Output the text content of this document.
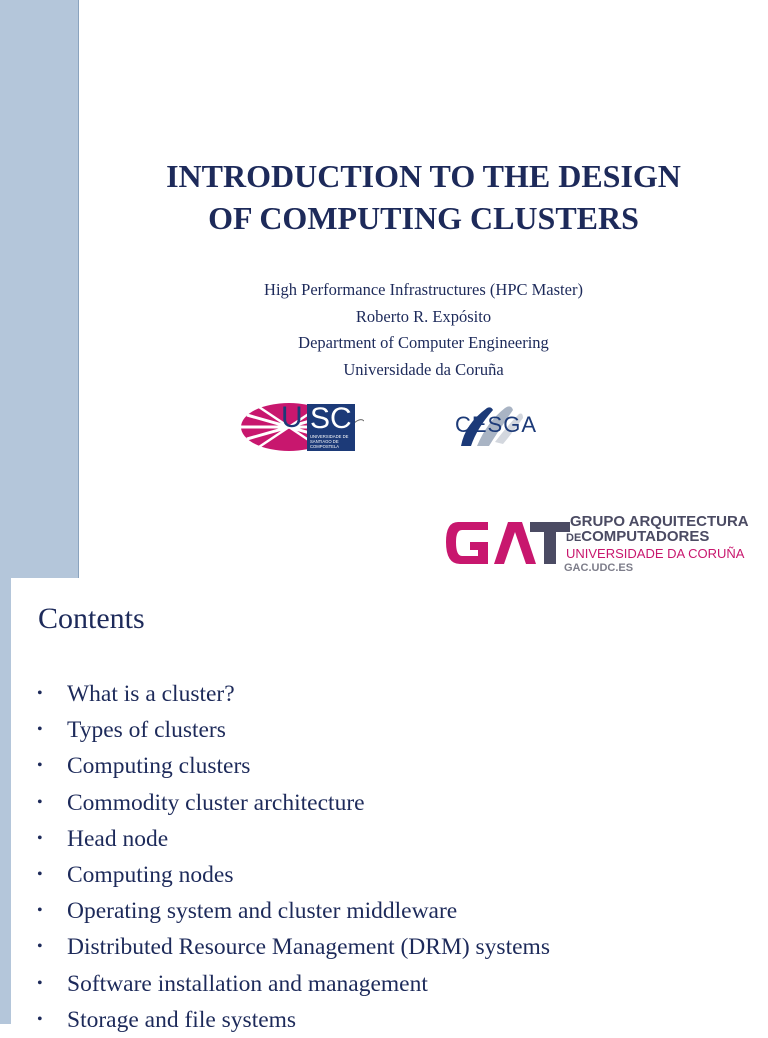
INTRODUCTION TO THE DESIGN
OF COMPUTING CLUSTERS
High Performance Infrastructures (HPC Master)
Roberto R. Expósito
Department of Computer Engineering
Universidade da Coruña
U SC
UNIVERSIDADE DE SANTIAGO DE COMPOSTELA
CESGA
GRUPO ARQUITECTURA
DECOMPUTADORES
UNIVERSIDADE DA CORUÑA
GAC.UDC.ES
Contents
• What is a cluster?
• Types of clusters
• Computing clusters
• Commodity cluster architecture
• Head node
• Computing nodes
• Operating system and cluster middleware
• Distributed Resource Management (DRM) systems
• Software installation and management
• Storage and file systems
